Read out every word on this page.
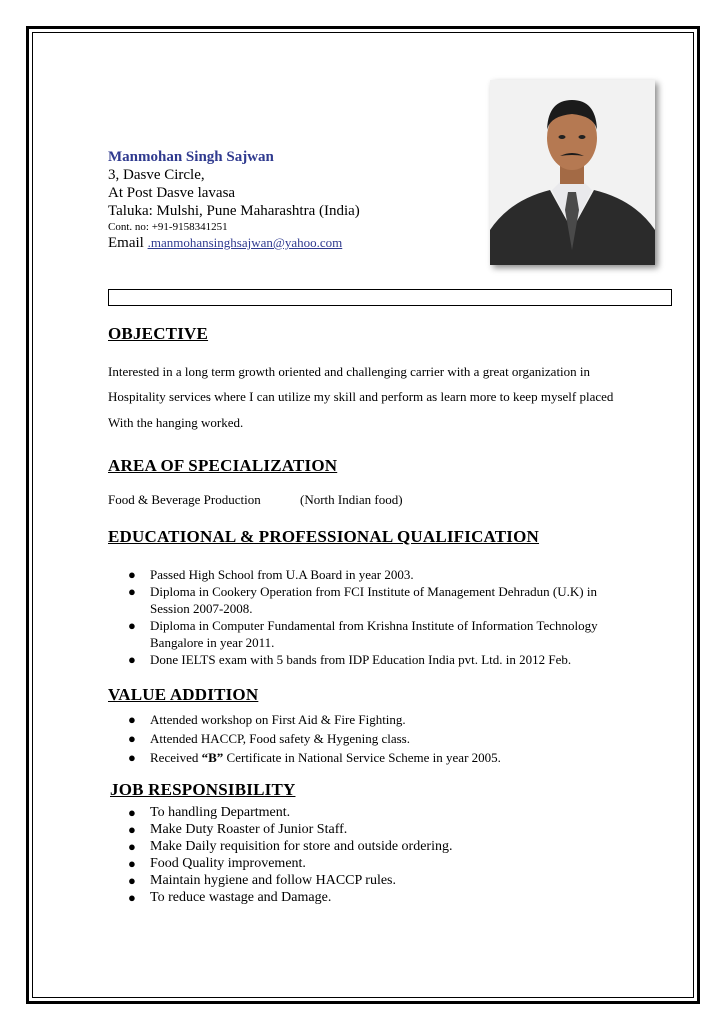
Manmohan Singh Sajwan
3, Dasve Circle,
At Post Dasve lavasa
Taluka: Mulshi, Pune Maharashtra (India)
Cont. no: +91-9158341251
Email .manmohansinghsajwan@yahoo.com
OBJECTIVE
Interested in a long term growth oriented and challenging carrier with a great organization in
Hospitality services where I can utilize my skill and perform as learn more to keep myself placed
With the hanging worked.
AREA OF SPECIALIZATION
Food & Beverage Production	(North Indian food)
EDUCATIONAL & PROFESSIONAL QUALIFICATION
● Passed High School from U.A Board in year 2003.
● Diploma in Cookery Operation from FCI Institute of Management Dehradun (U.K) in
Session 2007-2008.
● Diploma in Computer Fundamental from Krishna Institute of Information Technology
Bangalore in year 2011.
● Done IELTS exam with 5 bands from IDP Education India pvt. Ltd. in 2012 Feb.
VALUE ADDITION
● Attended workshop on First Aid & Fire Fighting.
● Attended HACCP, Food safety & Hygening class.
● Received “B” Certificate in National Service Scheme in year 2005.
JOB RESPONSIBILITY
● To handling Department.
● Make Duty Roaster of Junior Staff.
● Make Daily requisition for store and outside ordering.
● Food Quality improvement.
● Maintain hygiene and follow HACCP rules.
● To reduce wastage and Damage.
